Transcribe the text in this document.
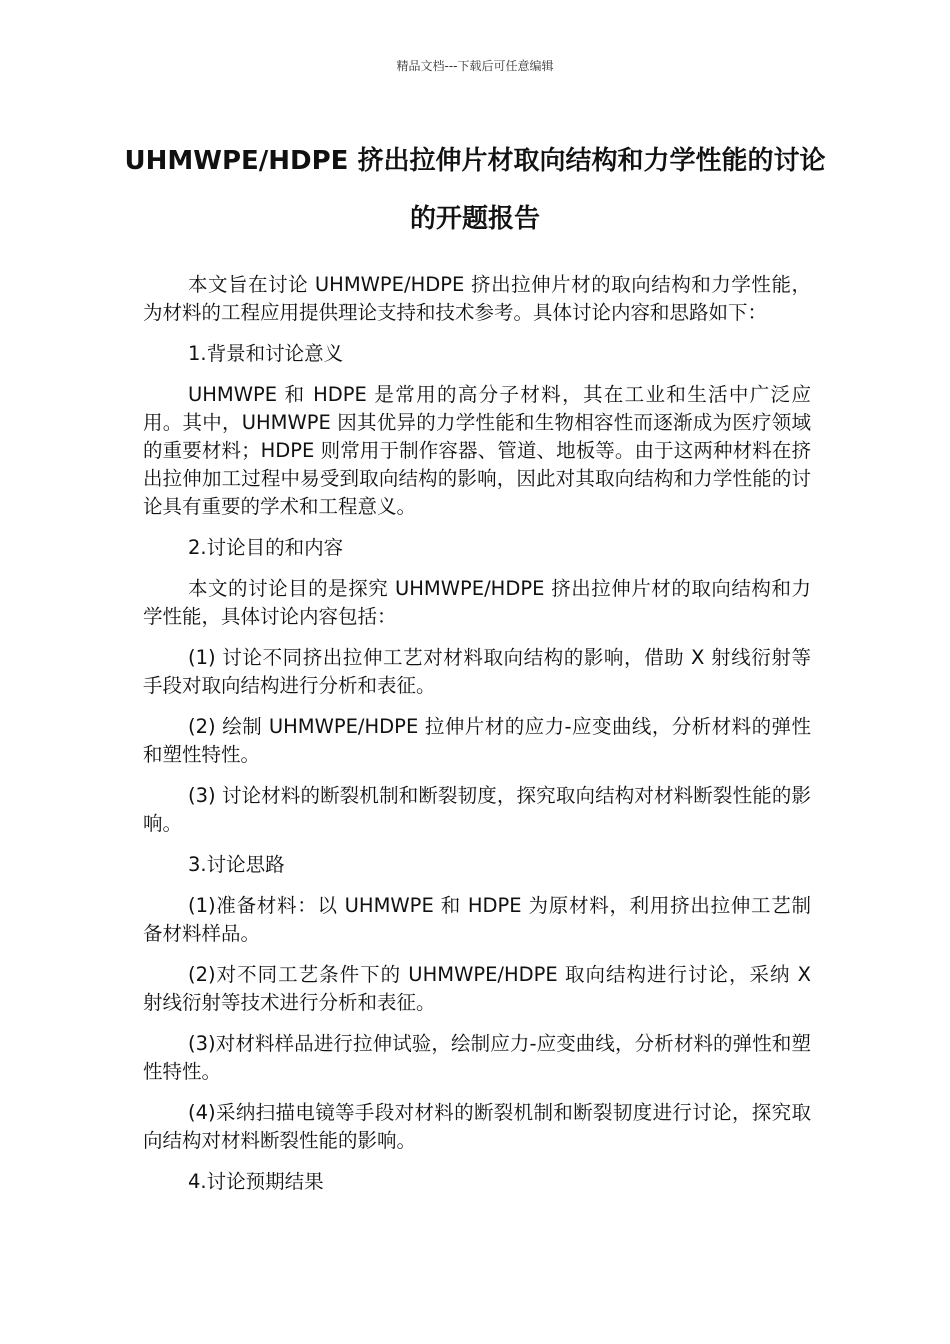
精品文档---下载后可任意编辑
UHMWPE/HDPE 挤出拉伸片材取向结构和力学性能的讨论的开题报告

本文旨在讨论 UHMWPE/HDPE 挤出拉伸片材的取向结构和力学性能，为材料的工程应用提供理论支持和技术参考。具体讨论内容和思路如下：

1.背景和讨论意义

UHMWPE 和 HDPE 是常用的高分子材料，其在工业和生活中广泛应用。其中，UHMWPE 因其优异的力学性能和生物相容性而逐渐成为医疗领域的重要材料；HDPE 则常用于制作容器、管道、地板等。由于这两种材料在挤出拉伸加工过程中易受到取向结构的影响，因此对其取向结构和力学性能的讨论具有重要的学术和工程意义。

2.讨论目的和内容

本文的讨论目的是探究 UHMWPE/HDPE 挤出拉伸片材的取向结构和力学性能，具体讨论内容包括：

(1) 讨论不同挤出拉伸工艺对材料取向结构的影响，借助 X 射线衍射等手段对取向结构进行分析和表征。

(2) 绘制 UHMWPE/HDPE 拉伸片材的应力-应变曲线，分析材料的弹性和塑性特性。

(3) 讨论材料的断裂机制和断裂韧度，探究取向结构对材料断裂性能的影响。

3.讨论思路

(1)准备材料：以 UHMWPE 和 HDPE 为原材料，利用挤出拉伸工艺制备材料样品。

(2)对不同工艺条件下的 UHMWPE/HDPE 取向结构进行讨论，采纳 X 射线衍射等技术进行分析和表征。

(3)对材料样品进行拉伸试验，绘制应力-应变曲线，分析材料的弹性和塑性特性。

(4)采纳扫描电镜等手段对材料的断裂机制和断裂韧度进行讨论，探究取向结构对材料断裂性能的影响。

4.讨论预期结果
